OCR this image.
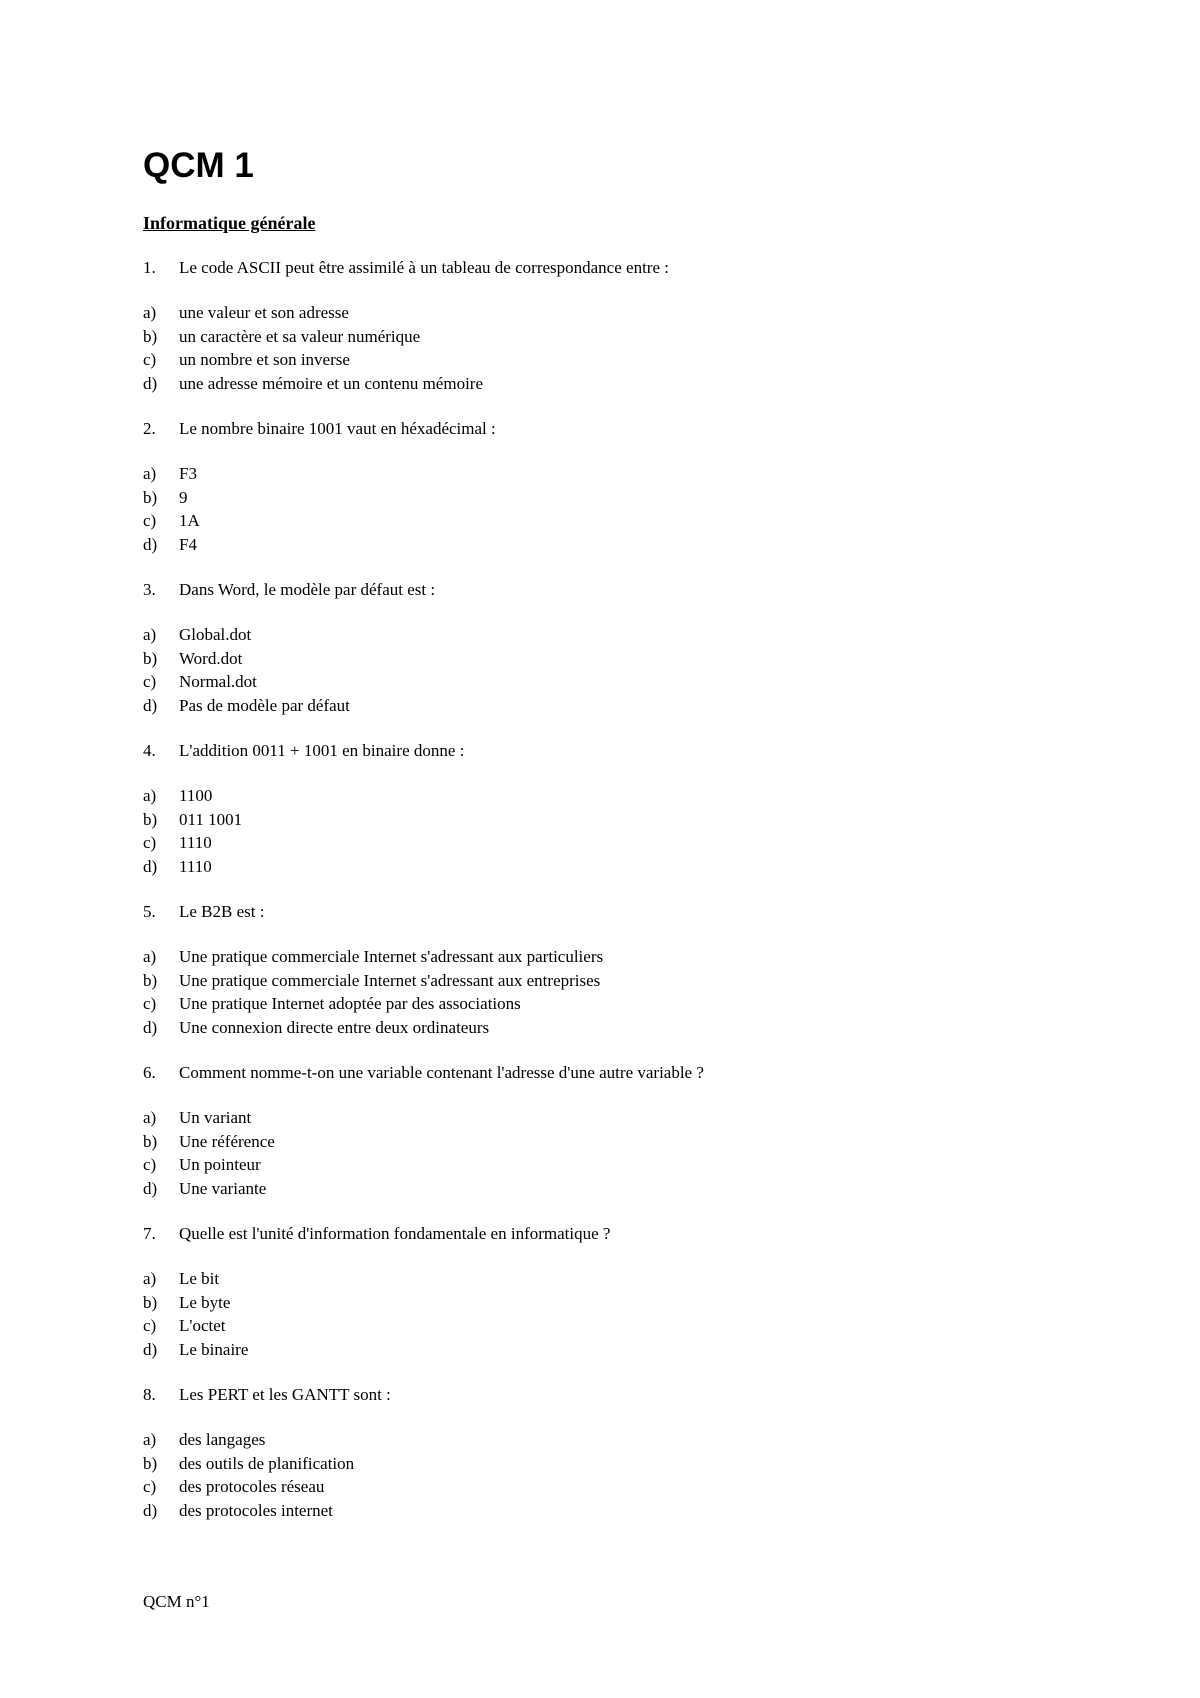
QCM 1
Informatique générale
1.	Le code ASCII peut être assimilé à un tableau de correspondance entre :
a)	une valeur et son adresse
b)	un caractère et sa valeur numérique
c)	un nombre et son inverse
d)	une adresse mémoire et un contenu mémoire
2.	Le nombre binaire 1001 vaut en héxadécimal :
a)	F3
b)	9
c)	1A
d)	F4
3.	Dans Word, le modèle par défaut est :
a)	Global.dot
b)	Word.dot
c)	Normal.dot
d)	Pas de modèle par défaut
4.	L'addition 0011 + 1001 en binaire donne :
a)	1100
b)	011 1001
c)	1110
d)	1110
5.	Le B2B est :
a)	Une pratique commerciale Internet s'adressant aux particuliers
b)	Une pratique commerciale Internet s'adressant aux entreprises
c)	Une pratique Internet adoptée par des associations
d)	Une connexion directe entre deux ordinateurs
6.	Comment nomme-t-on une variable contenant l'adresse d'une autre variable ?
a)	Un variant
b)	Une référence
c)	Un pointeur
d)	Une variante
7.	Quelle est l'unité d'information fondamentale en informatique ?
a)	Le bit
b)	Le byte
c)	L'octet
d)	Le binaire
8.	Les PERT et les GANTT sont :
a)	des langages
b)	des outils de planification
c)	des protocoles réseau
d)	des protocoles internet
QCM n°1
